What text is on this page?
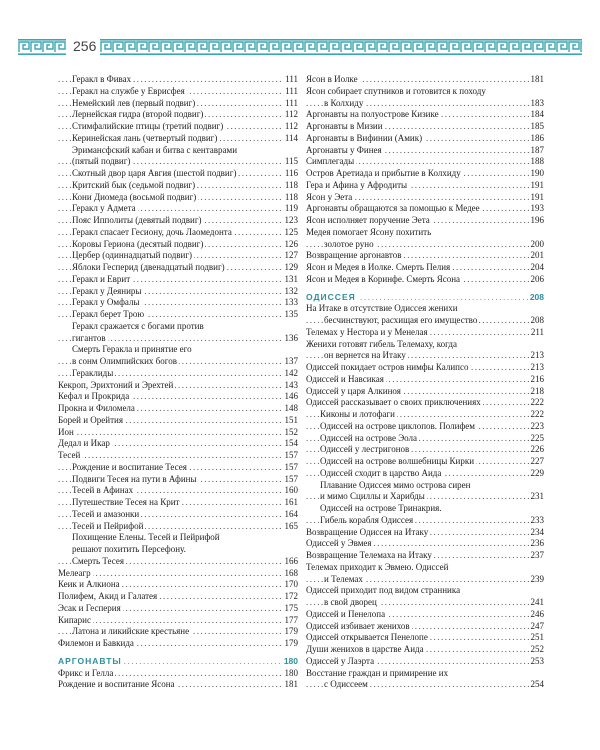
256
Геракл в Фивах	111
.....
Геракл на службе у Еврисфея	111
.....
Немейский лев (первый подвиг)	111
.....
Лернейская гидра (второй подвиг)	112
.....
Стимфалийские птицы (третий подвиг)	112
.....
Керинейская лань (четвертый подвиг)	114
.....
Эримансфский кабан и битва с кентаврами
(пятый подвиг)	115
.....
Скотный двор царя Авгия (шестой подвиг)	116
.....
Критский бык (седьмой подвиг)	118
.....
Кони Диомеда (восьмой подвиг)	118
.....
Геракл у Адмета	119
.....
Пояс Ипполиты (девятый подвиг)	123
.....
Геракл спасает Гесиону, дочь Лаомедонта	125
.....
Коровы Гериона (десятый подвиг)	126
.....
Цербер (одиннадцатый подвиг)	127
.....
Яблоки Гесперид (двенадцатый подвиг)	129
.....
Геракл и Еврит	131
.....
Геракл у Деяниры	132
.....
Геракл у Омфалы	133
.....
Геракл берет Трою	135
.....
Геракл сражается с богами против
гигантов	136
.....
Смерть Геракла и принятие его
в сонм Олимпийских богов	137
.....
Гераклиды	142
.....
Кекроп, Эрихтоний и Эрехтей	143
.....
Кефал и Прокрида	146
.....
Прокна и Филомела	148
.....
Борей и Орейтия	151
.....
Ион	152
.....
Дедал и Икар	154
.....
Тесей	157
.....
Рождение и воспитание Тесея	157
.....
Подвиги Тесея на пути в Афины	157
.....
Тесей в Афинах	160
.....
Путешествие Тесея на Крит	161
.....
Тесей и амазонки	164
.....
Тесей и Пейрифой	165
.....
Похищение Елены. Тесей и Пейрифой
решают похитить Персефону.
Смерть Тесея	166
.....
Мелеагр	168
.....
Кеик и Алкиона	170
.....
Полифем, Акид и Галатея	172
.....
Эсак и Гесперия	175
.....
Кипарис	177
.....
Латона и ликийские крестьяне	179
.....
Филемон и Бавкида	179
.....
АРГОНАВТЫ	180
.....
Фрикс и Гелла	180
.....
Рождение и воспитание Ясона	181
.....
Ясон в Иолке	181
.....
Ясон собирает спутников и готовится к походу
в Колхиду	183
.....
Аргонавты на полуострове Кизике	184
.....
Аргонавты в Мизии	185
.....
Аргонавты в Вифинии (Амик)	186
.....
Аргонавты у Финея	187
.....
Симплегады	188
.....
Остров Аретиада и прибытие в Колхиду	190
.....
Гера и Афина у Афродиты	191
.....
Ясон у Эета	191
.....
Аргонавты обращаются за помощью к Медее	193
.....
Ясон исполняет поручение Эета	196
.....
Медея помогает Ясону похитить
золотое руно	200
.....
Возвращение аргонавтов	201
.....
Ясон и Медея в Иолке. Смерть Пелия	204
.....
Ясон и Медея в Коринфе. Смерть Ясона	206
.....
ОДИССЕЯ	208
.....
На Итаке в отсутствие Одиссея женихи
бесчинствуют, расхищая его имущество	208
.....
Телемах у Нестора и у Менелая	211
.....
Женихи готовят гибель Телемаху, когда
он вернется на Итаку	213
.....
Одиссей покидает остров нимфы Калипсо	213
.....
Одиссей и Навсикая	216
.....
Одиссей у царя Алкиноя	218
.....
Одиссей рассказывает о своих приключениях	222
.....
Киконы и лотофаги	222
.....
Одиссей на острове циклопов. Полифем	223
.....
Одиссей на острове Эола	225
.....
Одиссей у лестригонов	226
.....
Одиссей на острове волшебницы Кирки	227
.....
Одиссей сходит в царство Аида	229
.....
Плавание Одиссея мимо острова сирен
и мимо Сциллы и Харибды	231
.....
Одиссей на острове Тринакрия.
Гибель корабля Одиссея	233
.....
Возвращение Одиссея на Итаку	234
.....
Одиссей у Эвмея	236
.....
Возвращение Телемаха на Итаку	237
.....
Телемах приходит к Эвмею. Одиссей
и Телемах	239
.....
Одиссей приходит под видом странника
в свой дворец	241
.....
Одиссей и Пенелопа	246
.....
Одиссей избивает женихов	247
.....
Одиссей открывается Пенелопе	251
.....
Души женихов в царстве Аида	252
.....
Одиссей у Лаэрта	253
.....
Восстание граждан и примирение их
с Одиссеем	254
.....
